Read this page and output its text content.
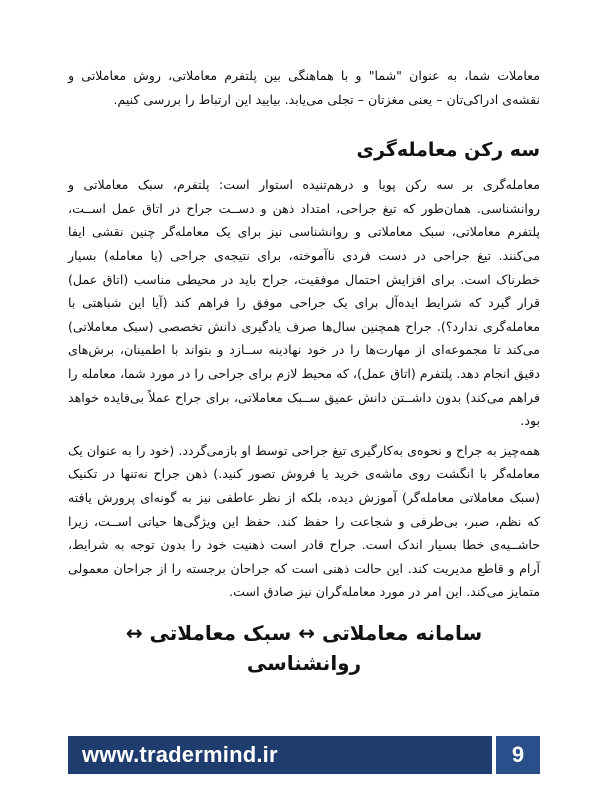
معاملات شما، به عنوان "شما" و با هماهنگی بین پلتفرم معاملاتی، روش معاملاتی و نقشه‌ی ادراکی‌تان – یعنی مغزتان – تجلی می‌یابد. بیایید این ارتباط را بررسی کنیم.

سه رکن معامله‌گری

معامله‌گری بر سه رکن پویا و درهم‌تنیده استوار است: پلتفرم، سبک معاملاتی و روانشناسی. همان‌طور که تیغ جراحی، امتداد ذهن و دســت جراح در اتاق عمل اســت، پلتفرم معاملاتی، سبک معاملاتی و روانشناسی نیز برای یک معامله‌گر چنین نقشی ایفا می‌کنند. تیغ جراحی در دست فردی ناآموخته، برای نتیجه‌ی جراحی (یا معامله) بسیار خطرناک است. برای افزایش احتمال موفقیت، جراح باید در محیطی مناسب (اتاق عمل) قرار گیرد که شرایط ایده‌آل برای یک جراحی موفق را فراهم کند (آیا این شباهتی با معامله‌گری ندارد؟). جراح همچنین سال‌ها صرف یادگیری دانش تخصصی (سبک معاملاتی) می‌کند تا مجموعه‌ای از مهارت‌ها را در خود نهادینه ســازد و بتواند با اطمینان، برش‌های دقیق انجام دهد. پلتفرم (اتاق عمل)، که محیط لازم برای جراحی را در مورد شما، معامله را فراهم می‌کند) بدون داشــتن دانش عمیق ســبک معاملاتی، برای جراح عملاً بی‌فایده خواهد بود.

همه‌چیز به جراح و نحوه‌ی به‌کارگیری تیغ جراحی توسط او بازمی‌گردد. (خود را به عنوان یک معامله‌گر با انگشت روی ماشه‌ی خرید یا فروش تصور کنید.) ذهن جراح نه‌تنها در تکنیک (سبک معاملاتی معامله‌گر) آموزش دیده، بلکه از نظر عاطفی نیز به گونه‌ای پرورش یافته که نظم، صبر، بی‌طرفی و شجاعت را حفظ کند. حفظ این ویژگی‌ها حیاتی اســت، زیرا حاشــیه‌ی خطا بسیار اندک است. جراح قادر است ذهنیت خود را بدون توجه به شرایط، آرام و قاطع مدیریت کند. این حالت ذهنی است که جراحان برجسته را از جراحان معمولی متمایز می‌کند. این امر در مورد معامله‌گران نیز صادق است.

سامانه معاملاتی ↔ سبک معاملاتی ↔ روانشناسی
www.tradermind.ir	9
